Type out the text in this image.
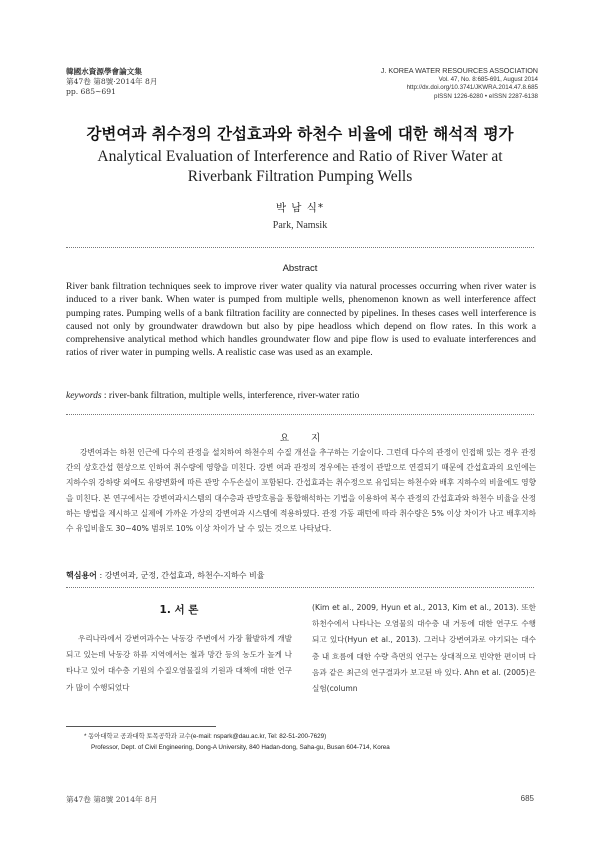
韓國水資源學會論文集
第47卷 第8號·2014年 8月
pp. 685~691
J. KOREA WATER RESOURCES ASSOCIATION
Vol. 47, No. 8:685-691, August 2014
http://dx.doi.org/10.3741/JKWRA.2014.47.8.685
pISSN 1226-6280 • eISSN 2287-6138
강변여과 취수정의 간섭효과와 하천수 비율에 대한 해석적 평가
Analytical Evaluation of Interference and Ratio of River Water at
Riverbank Filtration Pumping Wells
박 남 식*
Park, Namsik
Abstract
River bank filtration techniques seek to improve river water quality via natural processes occurring when river water is induced to a river bank. When water is pumped from multiple wells, phenomenon known as well interference affect pumping rates. Pumping wells of a bank filtration facility are connected by pipelines. In theses cases well interference is caused not only by groundwater drawdown but also by pipe headloss which depend on flow rates. In this work a comprehensive analytical method which handles groundwater flow and pipe flow is used to evaluate interferences and ratios of river water in pumping wells. A realistic case was used as an example.
keywords : river-bank filtration, multiple wells, interference, river-water ratio
요지
강변여과는 하천 인근에 다수의 관정을 설치하여 하천수의 수질 개선을 추구하는 기술이다. 그런데 다수의 관정이 인접해 있는 경우 관정간의 상호간섭 현상으로 인하여 취수량에 영향을 미친다. 강변 여과 관정의 경우에는 관정이 관말으로 연결되기 때문에 간섭효과의 요인에는 지하수위 강하량 외에도 유량변화에 따른 관망 수두손실이 포함된다. 간섭효과는 취수정으로 유입되는 하천수와 배후 지하수의 비율에도 영향을 미친다. 본 연구에서는 강변여과시스템의 대수층과 관망흐름을 통합해석하는 기법을 이용하여 복수 관정의 간섭효과와 하천수 비율을 산정하는 방법을 제시하고 실제에 가까운 가상의 강변여과 시스템에 적용하였다. 관정 가동 패턴에 따라 취수량은 5% 이상 차이가 나고 배후지하수 유입비율도 30~40% 범위로 10% 이상 차이가 날 수 있는 것으로 나타났다.
핵심용어 : 강변여과, 군정, 간섭효과, 하천수-지하수 비율
1. 서 론
우리나라에서 강변여과수는 낙동강 주변에서 가장 활발하게 개발되고 있는데 낙동강 하류 지역에서는 철과 망간 등의 농도가 높게 나타나고 있어 대수층 기원의 수질오염물질의 기원과 대책에 대한 연구가 많이 수행되었다
(Kim et al., 2009, Hyun et al., 2013, Kim et al., 2013). 또한 하천수에서 나타나는 오염물의 대수층 내 거동에 대한 연구도 수행되고 있다(Hyun et al., 2013). 그러나 강변여과로 야기되는 대수층 내 흐름에 대한 수량 측면의 연구는 상대적으로 빈약한 편이며 다음과 같은 최근의 연구결과가 보고된 바 있다. Ahn et al. (2005)은 실험(column
* 동아대학교 공과대학 토목공학과 교수(e-mail: nspark@dau.ac.kr, Tel: 82-51-200-7629)
Professor, Dept. of Civil Engineering, Dong-A University, 840 Hadan-dong, Saha-gu, Busan 604-714, Korea
第47卷 第8號 2014年 8月	685
